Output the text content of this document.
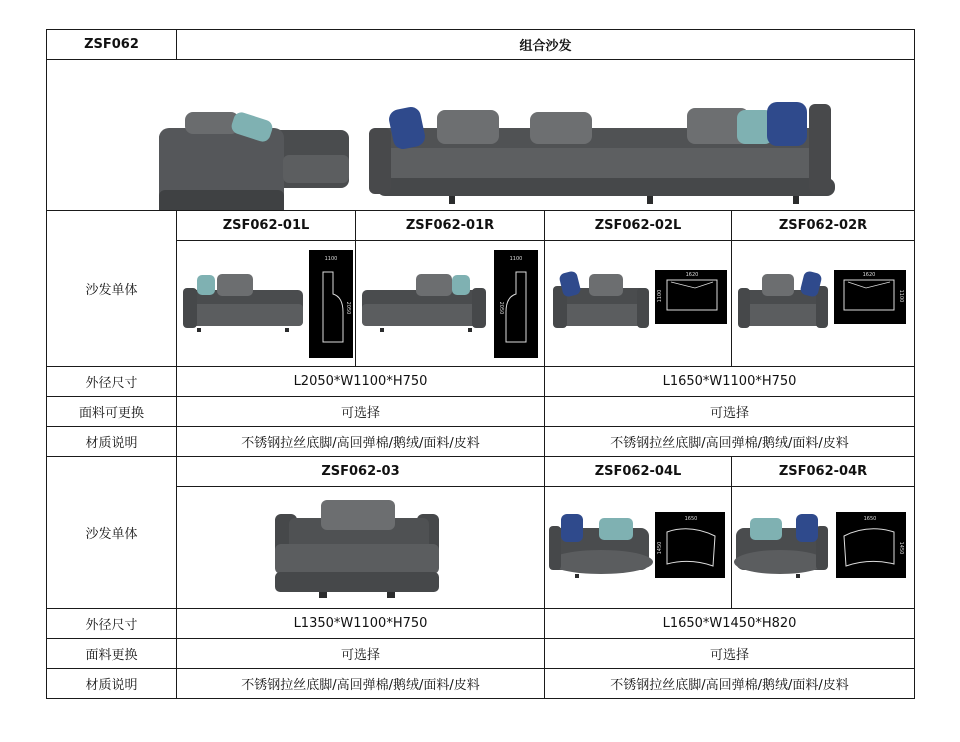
ZSF062	组合沙发			

沙发单体	ZSF062-01L	ZSF062-01R	ZSF062-02L	ZSF062-02R

1100
2050	1100
2050	1620
1100	1620
1100

外径尺寸	L2050*W1100*H750		L1650*W1100*H750	
面料可更换	可选择		可选择	
材质说明	不锈钢拉丝底脚/高回弹棉/鹅绒/面料/皮料		不锈钢拉丝底脚/高回弹棉/鹅绒/面料/皮料	
沙发单体	ZSF062-03		ZSF062-04L	ZSF062-04R

1650
1450	1650
1450

外径尺寸	L1350*W1100*H750		L1650*W1450*H820	
面料更换	可选择		可选择	
材质说明	不锈钢拉丝底脚/高回弹棉/鹅绒/面料/皮料		不锈钢拉丝底脚/高回弹棉/鹅绒/面料/皮料	
